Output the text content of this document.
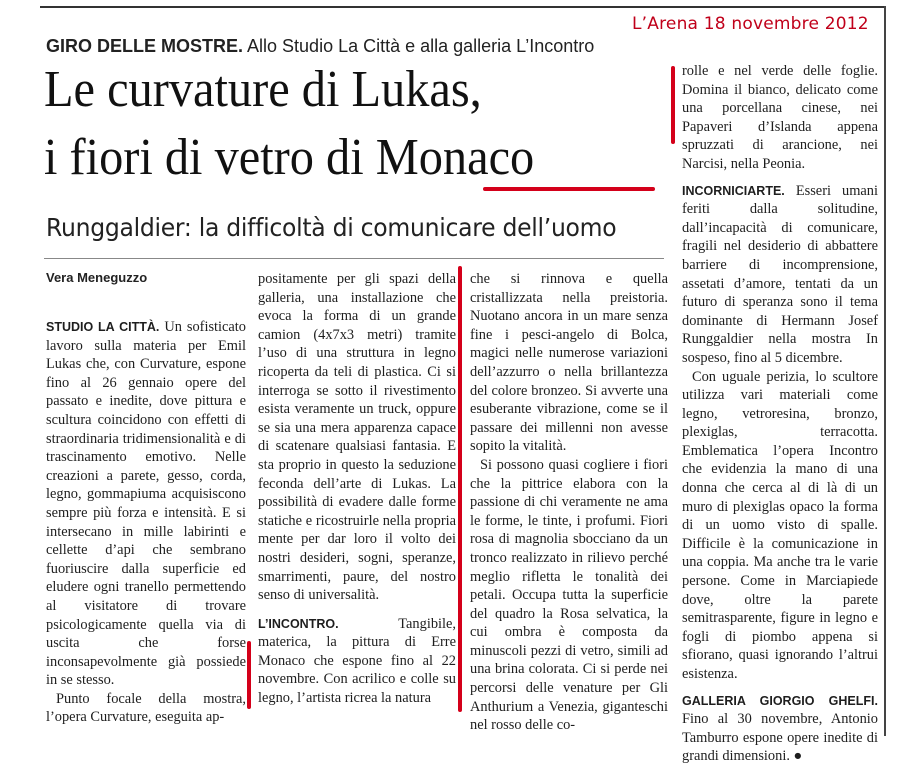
L’Arena 18 novembre 2012
GIRO DELLE MOSTRE. Allo Studio La Città e alla galleria L’Incontro
Le curvature di Lukas,
i fiori di vetro di Monaco
Runggaldier: la difficoltà di comunicare dell’uomo
Vera Meneguzzo

STUDIO LA CITTÀ. Un sofisticato lavoro sulla materia per Emil Lukas che, con Curvature, espone fino al 26 gennaio opere del passato e inedite, dove pittura e scultura coincidono con effetti di straordinaria tridimensionalità e di trascinamento emotivo. Nelle creazioni a parete, gesso, corda, legno, gommapiuma acquisiscono sempre più forza e intensità. E si intersecano in mille labirinti e cellette d’api che sembrano fuoriuscire dalla superficie ed eludere ogni tranello permettendo al visitatore di trovare psicologicamente quella via di uscita che forse inconsapevolmente già possiede in se stesso.

Punto focale della mostra, l’opera Curvature, eseguita ap-

positamente per gli spazi della galleria, una installazione che evoca la forma di un grande camion (4x7x3 metri) tramite l’uso di una struttura in legno ricoperta da teli di plastica. Ci si interroga se sotto il rivestimento esista veramente un truck, oppure se sia una mera apparenza capace di scatenare qualsiasi fantasia. E sta proprio in questo la seduzione feconda dell’arte di Lukas. La possibilità di evadere dalle forme statiche e ricostruirle nella propria mente per dar loro il volto dei nostri desideri, sogni, speranze, smarrimenti, paure, del nostro senso di universalità.

L’INCONTRO. Tangibile, materica, la pittura di Erre Monaco che espone fino al 22 novembre. Con acrilico e colle su legno, l’artista ricrea la natura

che si rinnova e quella cristallizzata nella preistoria. Nuotano ancora in un mare senza fine i pesci-angelo di Bolca, magici nelle numerose variazioni dell’azzurro o nella brillantezza del colore bronzeo. Si avverte una esuberante vibrazione, come se il passare dei millenni non avesse sopito la vitalità.

Si possono quasi cogliere i fiori che la pittrice elabora con la passione di chi veramente ne ama le forme, le tinte, i profumi. Fiori rosa di magnolia sbocciano da un tronco realizzato in rilievo perché meglio rifletta le tonalità dei petali. Occupa tutta la superficie del quadro la Rosa selvatica, la cui ombra è composta da minuscoli pezzi di vetro, simili ad una brina colorata. Ci si perde nei percorsi delle venature per Gli Anthurium a Venezia, giganteschi nel rosso delle co-

rolle e nel verde delle foglie. Domina il bianco, delicato come una porcellana cinese, nei Papaveri d’Islanda appena spruzzati di arancione, nei Narcisi, nella Peonia.

INCORNICIARTE. Esseri umani feriti dalla solitudine, dall’incapacità di comunicare, fragili nel desiderio di abbattere barriere di incomprensione, assetati d’amore, tentati da un futuro di speranza sono il tema dominante di Hermann Josef Runggaldier nella mostra In sospeso, fino al 5 dicembre.

Con uguale perizia, lo scultore utilizza vari materiali come legno, vetroresina, bronzo, plexiglas, terracotta. Emblematica l’opera Incontro che evidenzia la mano di una donna che cerca al di là di un muro di plexiglas opaco la forma di un uomo visto di spalle. Difficile è la comunicazione in una coppia. Ma anche tra le varie persone. Come in Marciapiede dove, oltre la parete semitrasparente, figure in legno e fogli di piombo appena si sfiorano, quasi ignorando l’altrui esistenza.

GALLERIA GIORGIO GHELFI. Fino al 30 novembre, Antonio Tamburro espone opere inedite di grandi dimensioni. ●
